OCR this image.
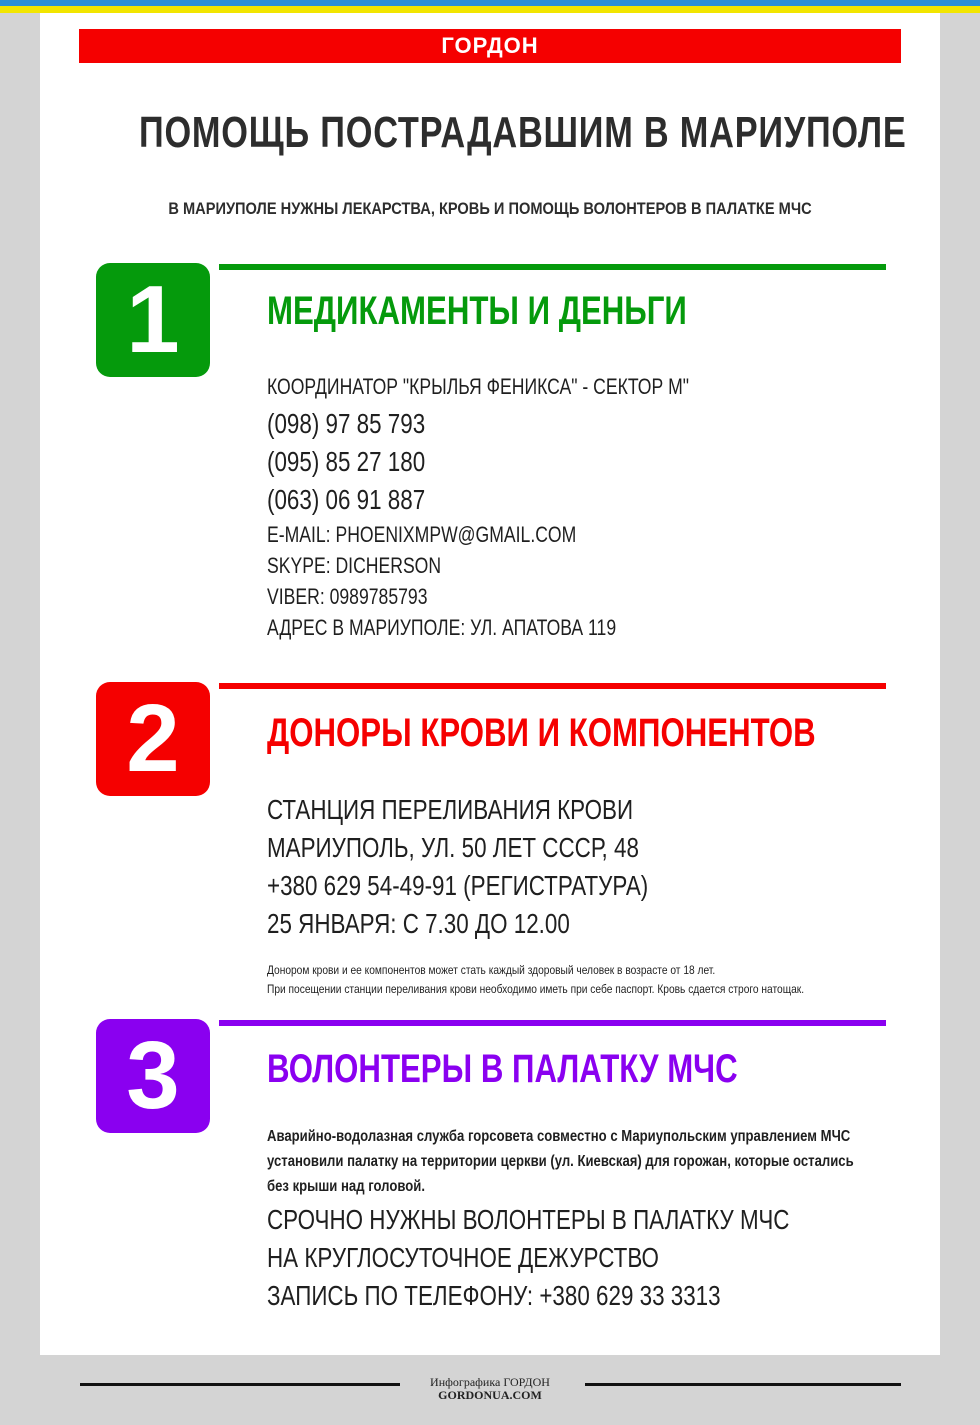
ГОРДОН
ПОМОЩЬ ПОСТРАДАВШИМ В МАРИУПОЛЕ
В МАРИУПОЛЕ НУЖНЫ ЛЕКАРСТВА, КРОВЬ И ПОМОЩЬ ВОЛОНТЕРОВ В ПАЛАТКЕ МЧС
1	МЕДИКАМЕНТЫ И ДЕНЬГИ
КООРДИНАТОР "КРЫЛЬЯ ФЕНИКСА" - СЕКТОР М"
(098) 97 85 793
(095) 85 27 180
(063) 06 91 887
E-MAIL: PHOENIXMPW@GMAIL.COM
SKYPE: DICHERSON
VIBER: 0989785793
АДРЕС В МАРИУПОЛЕ: УЛ. АПАТОВА 119
2	ДОНОРЫ КРОВИ И КОМПОНЕНТОВ
СТАНЦИЯ ПЕРЕЛИВАНИЯ КРОВИ
МАРИУПОЛЬ, УЛ. 50 ЛЕТ СССР, 48
+380 629 54-49-91 (РЕГИСТРАТУРА)
25 ЯНВАРЯ: С 7.30 ДО 12.00
Донором крови и ее компонентов может стать каждый здоровый человек в возрасте от 18 лет.
При посещении станции переливания крови необходимо иметь при себе паспорт. Кровь сдается строго натощак.
3	ВОЛОНТЕРЫ В ПАЛАТКУ МЧС
Аварийно-водолазная служба горсовета совместно с Мариупольским управлением МЧС
установили палатку на территории церкви (ул. Киевская) для горожан, которые остались
без крыши над головой.
СРОЧНО НУЖНЫ ВОЛОНТЕРЫ В ПАЛАТКУ МЧС
НА КРУГЛОСУТОЧНОЕ ДЕЖУРСТВО
ЗАПИСЬ ПО ТЕЛЕФОНУ: +380 629 33 3313
Инфографика ГОРДОН
GORDONUA.COM
